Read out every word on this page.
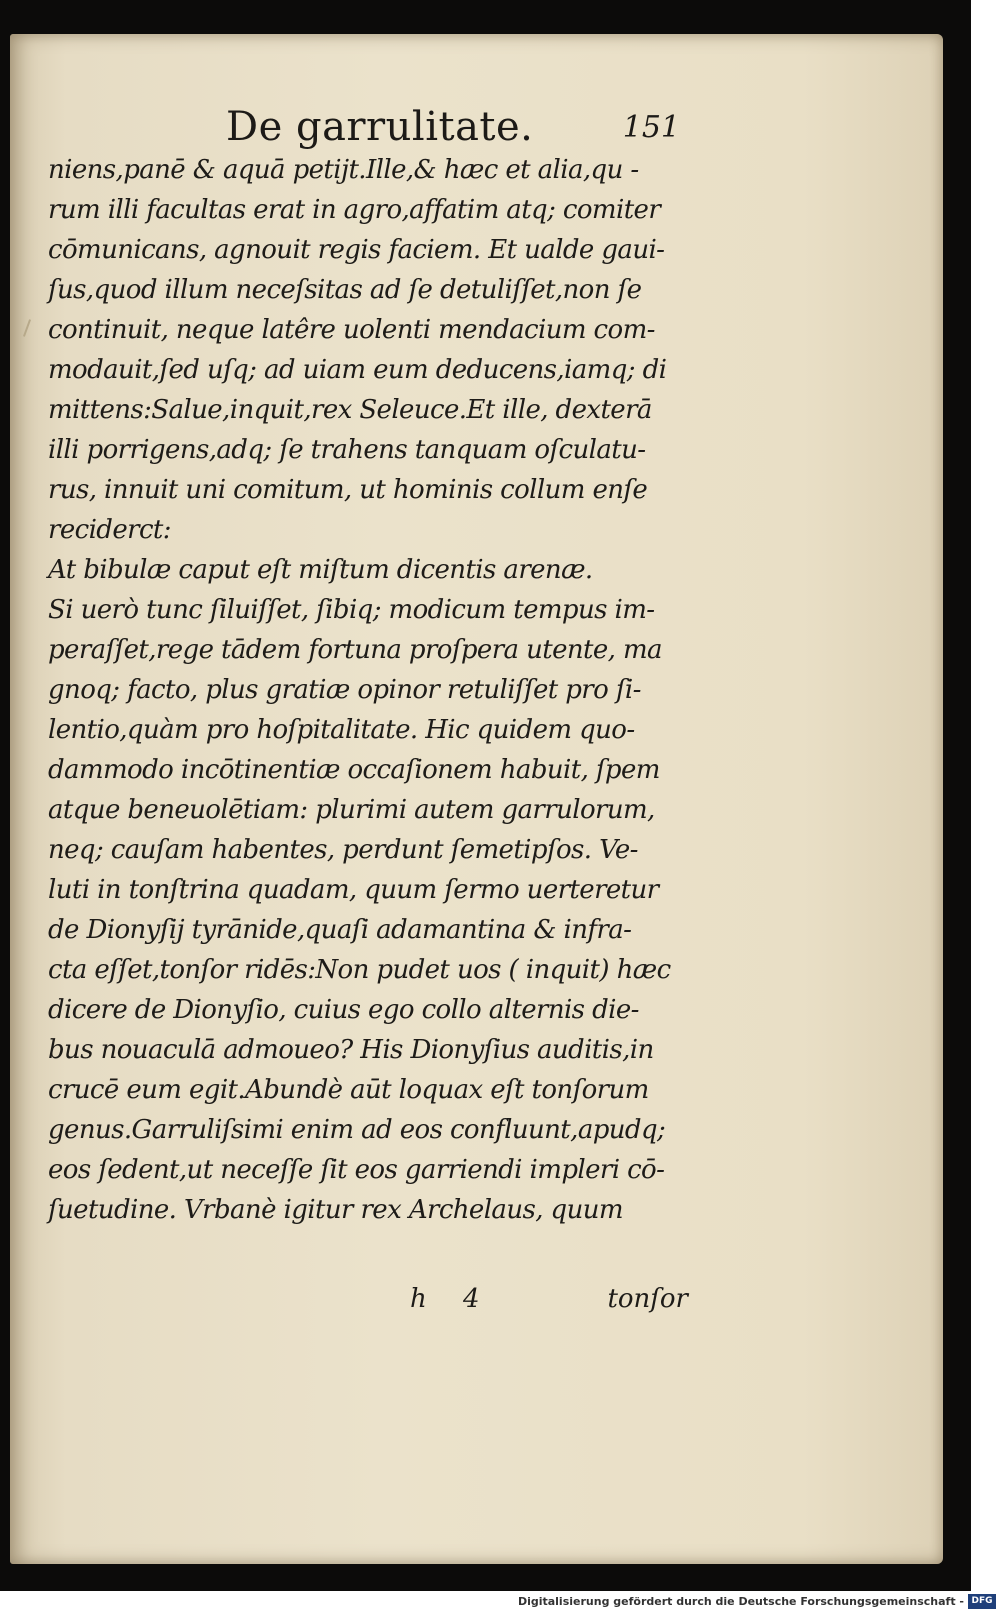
De garrulitate.	151
niens,panē & aquā petijt.Ille,& hæc et alia,qu -
rum illi facultas erat in agro,affatim atq; comiter
cōmunicans, agnouit regis faciem. Et ualde gaui-
ſus,quod illum neceſsitas ad ſe detuliſſet,non ſe
continuit, neque latêre uolenti mendacium com-
modauit,ſed uſq; ad uiam eum deducens,iamq; di
mittens:Salue,inquit,rex Seleuce.Et ille, dexterā
illi porrigens,adq; ſe trahens tanquam oſculatu-
rus, innuit uni comitum, ut hominis collum enſe
reciderct:
At bibulæ caput eſt miſtum dicentis arenæ.
Si uerò tunc ſiluiſſet, ſibiq; modicum tempus im-
peraſſet,rege tādem fortuna proſpera utente, ma
gnoq; facto, plus gratiæ opinor retuliſſet pro ſi-
lentio,quàm pro hoſpitalitate. Hic quidem quo-
dammodo incōtinentiæ occaſionem habuit, ſpem
atque beneuolētiam: plurimi autem garrulorum,
neq; cauſam habentes, perdunt ſemetipſos. Ve-
luti in tonſtrina quadam, quum ſermo uerteretur
de Dionyſij tyrānide,quaſi adamantina & infra-
cta eſſet,tonſor ridēs:Non pudet uos ( inquit) hæc
dicere de Dionyſio, cuius ego collo alternis die-
bus nouaculā admoueo? His Dionyſius auditis,in
crucē eum egit.Abundè aūt loquax eſt tonſorum
genus.Garruliſsimi enim ad eos confluunt,apudq;
eos ſedent,ut neceſſe ſit eos garriendi impleri cō-
ſuetudine. Vrbanè igitur rex Archelaus, quum
h 4	tonſor
Digitalisierung gefördert durch die Deutsche Forschungsgemeinschaft - DFG
